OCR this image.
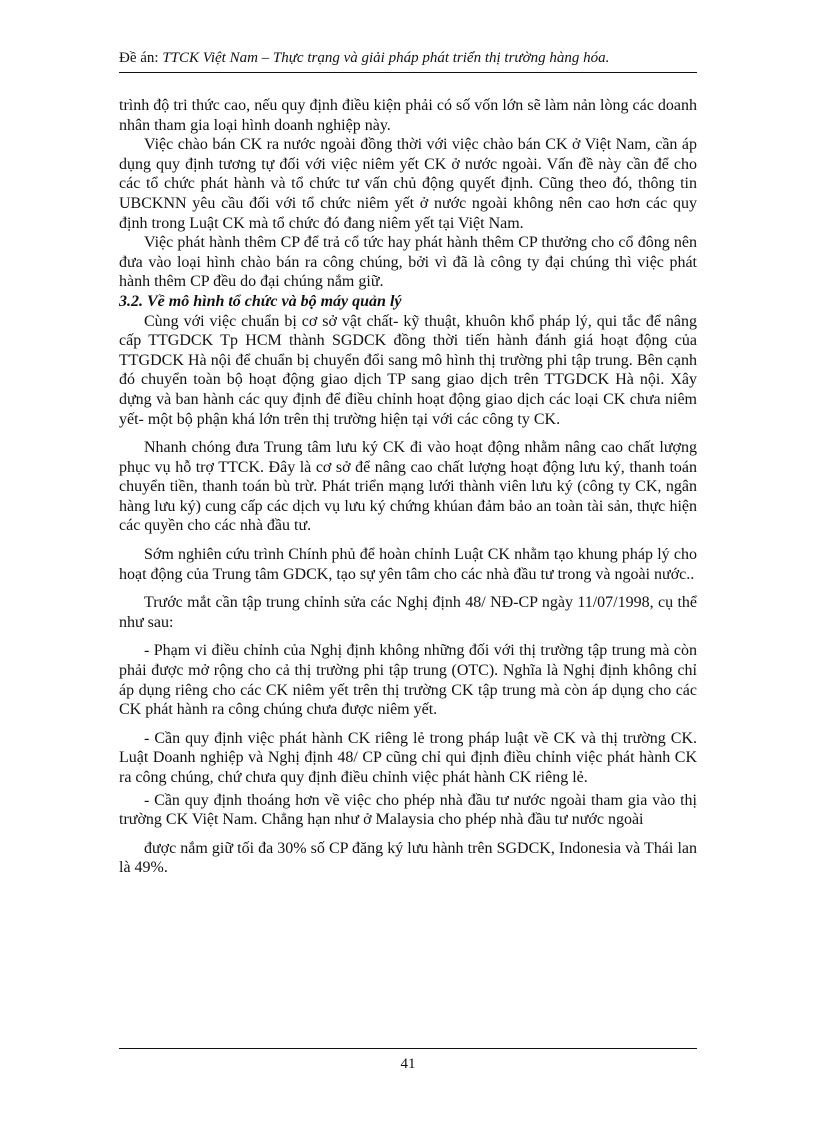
Đề án: TTCK Việt Nam – Thực trạng và giải pháp phát triển thị trường hàng hóa.

trình độ tri thức cao, nếu quy định điều kiện phải có số vốn lớn sẽ làm nản lòng các doanh nhân tham gia loại hình doanh nghiệp này.

Việc chào bán CK ra nước ngoài đồng thời với việc chào bán CK ở Việt Nam, cần áp dụng quy định tương tự đối với việc niêm yết CK ở nước ngoài. Vấn đề này cần để cho các tổ chức phát hành và tổ chức tư vấn chủ động quyết định. Cũng theo đó, thông tin UBCKNN yêu cầu đối với tổ chức niêm yết ở nước ngoài không nên cao hơn các quy định trong Luật CK mà tổ chức đó đang niêm yết tại Việt Nam.

Việc phát hành thêm CP để trả cổ tức hay phát hành thêm CP thưởng cho cổ đông nên đưa vào loại hình chào bán ra công chúng, bởi vì đã là công ty đại chúng thì việc phát hành thêm CP đều do đại chúng nắm giữ.

3.2. Về mô hình tổ chức và bộ máy quản lý

Cùng với việc chuẩn bị cơ sở vật chất- kỹ thuật, khuôn khổ pháp lý, qui tắc để nâng cấp TTGDCK Tp HCM thành SGDCK đồng thời tiến hành đánh giá hoạt động của TTGDCK Hà nội để chuẩn bị chuyển đổi sang mô hình thị trường phi tập trung. Bên cạnh đó chuyển toàn bộ hoạt động giao dịch TP sang giao dịch trên TTGDCK Hà nội. Xây dựng và ban hành các quy định để điều chỉnh hoạt động giao dịch các loại CK chưa niêm yết- một bộ phận khá lớn trên thị trường hiện tại với các công ty CK.

Nhanh chóng đưa Trung tâm lưu ký CK đi vào hoạt động nhằm nâng cao chất lượng phục vụ hỗ trợ TTCK. Đây là cơ sở để nâng cao chất lượng hoạt động lưu ký, thanh toán chuyển tiền, thanh toán bù trừ. Phát triển mạng lưới thành viên lưu ký (công ty CK, ngân hàng lưu ký) cung cấp các dịch vụ lưu ký chứng khúan đảm bảo an toàn tài sản, thực hiện các quyền cho các nhà đầu tư.

Sớm nghiên cứu trình Chính phủ để hoàn chỉnh Luật CK nhằm tạo khung pháp lý cho hoạt động của Trung tâm GDCK, tạo sự yên tâm cho các nhà đầu tư trong và ngoài nước..

Trước mắt cần tập trung chỉnh sửa các Nghị định 48/ NĐ-CP ngày 11/07/1998, cụ thể như sau:

- Phạm vi điều chỉnh của Nghị định không những đối với thị trường tập trung mà còn phải được mở rộng cho cả thị trường phi tập trung (OTC). Nghĩa là Nghị định không chỉ áp dụng riêng cho các CK niêm yết trên thị trường CK tập trung mà còn áp dụng cho các CK phát hành ra công chúng chưa được niêm yết.

- Cần quy định việc phát hành CK riêng lẻ trong pháp luật về CK và thị trường CK. Luật Doanh nghiệp và Nghị định 48/ CP cũng chỉ qui định điều chỉnh việc phát hành CK ra công chúng, chứ chưa quy định điều chỉnh việc phát hành CK riêng lẻ.

- Cần quy định thoáng hơn về việc cho phép nhà đầu tư nước ngoài tham gia vào thị trường CK Việt Nam. Chẳng hạn như ở Malaysia cho phép nhà đầu tư nước ngoài

được nắm giữ tối đa 30% số CP đăng ký lưu hành trên SGDCK, Indonesia và Thái lan là 49%.

41
